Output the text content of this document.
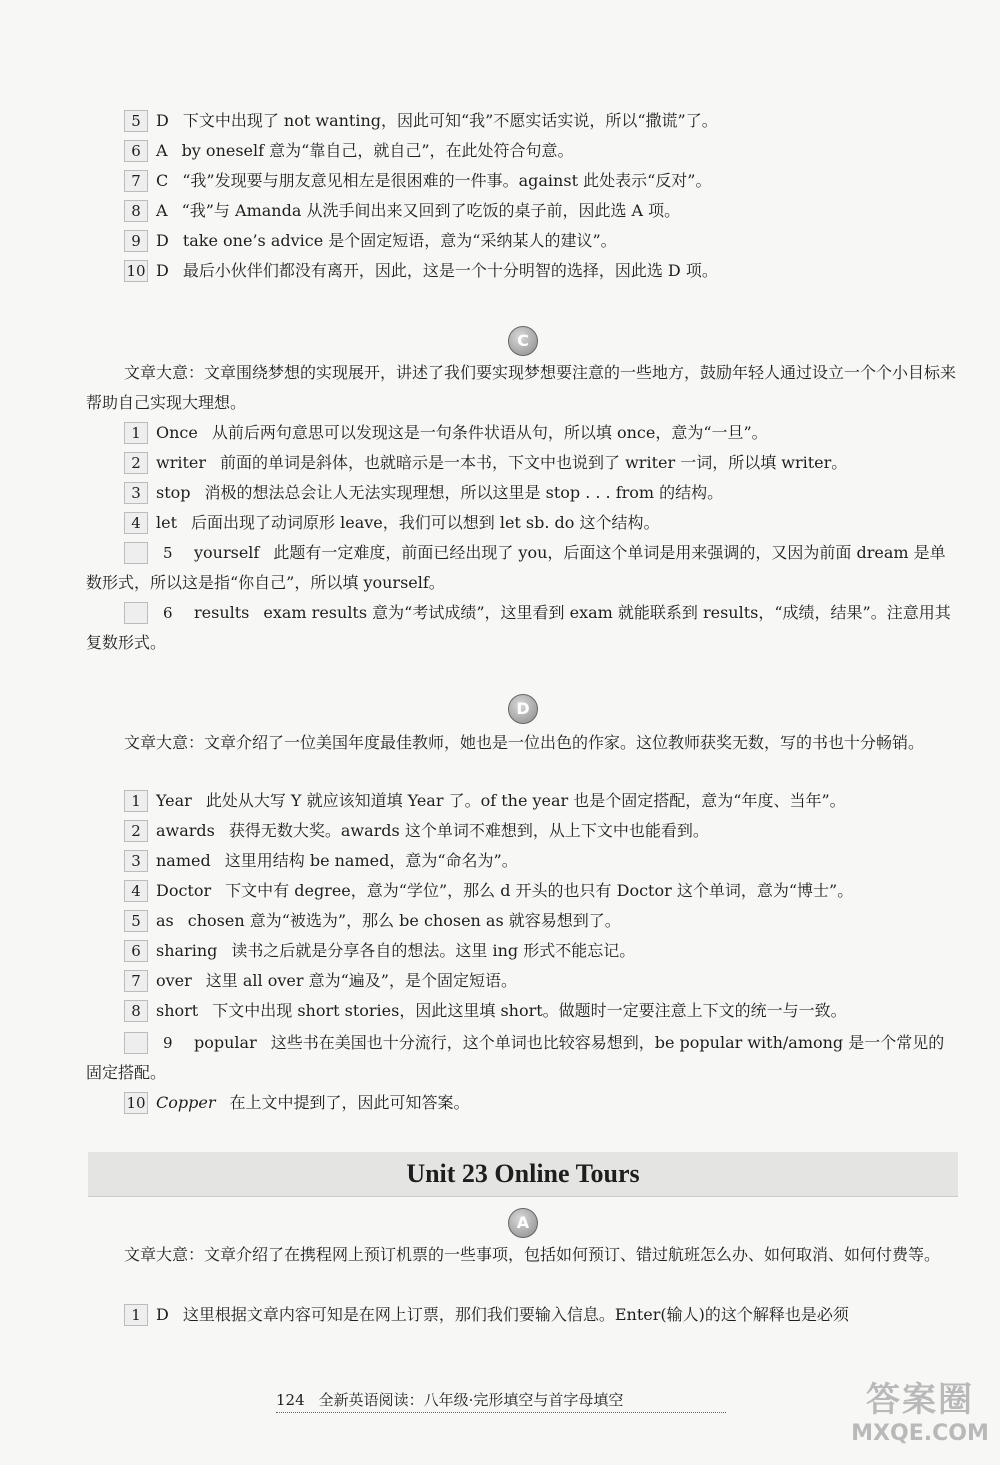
5 D 下文中出现了 not wanting，因此可知“我”不愿实话实说，所以“撒谎”了。
6 A by oneself 意为“靠自己，就自己”，在此处符合句意。
7 C “我”发现要与朋友意见相左是很困难的一件事。against 此处表示“反对”。
8 A “我”与 Amanda 从洗手间出来又回到了吃饭的桌子前，因此选 A 项。
9 D take one’s advice 是个固定短语，意为“采纳某人的建议”。
10 D 最后小伙伴们都没有离开，因此，这是一个十分明智的选择，因此选 D 项。
C
文章大意：文章围绕梦想的实现展开，讲述了我们要实现梦想要注意的一些地方，鼓励年轻人通过设立一个个小目标来帮助自己实现大理想。
1 Once 从前后两句意思可以发现这是一句条件状语从句，所以填 once，意为“一旦”。
2 writer 前面的单词是斜体，也就暗示是一本书，下文中也说到了 writer 一词，所以填 writer。
3 stop 消极的想法总会让人无法实现理想，所以这里是 stop . . . from 的结构。
4 let 后面出现了动词原形 leave，我们可以想到 let sb. do 这个结构。
5 yourself 此题有一定难度，前面已经出现了 you，后面这个单词是用来强调的，又因为前面 dream 是单数形式，所以这是指“你自己”，所以填 yourself。
6 results exam results 意为“考试成绩”，这里看到 exam 就能联系到 results，“成绩，结果”。注意用其复数形式。
D
文章大意：文章介绍了一位美国年度最佳教师，她也是一位出色的作家。这位教师获奖无数，写的书也十分畅销。
1 Year 此处从大写 Y 就应该知道填 Year 了。of the year 也是个固定搭配，意为“年度、当年”。
2 awards 获得无数大奖。awards 这个单词不难想到，从上下文中也能看到。
3 named 这里用结构 be named，意为“命名为”。
4 Doctor 下文中有 degree，意为“学位”，那么 d 开头的也只有 Doctor 这个单词，意为“博士”。
5 as chosen 意为“被选为”，那么 be chosen as 就容易想到了。
6 sharing 读书之后就是分享各自的想法。这里 ing 形式不能忘记。
7 over 这里 all over 意为“遍及”，是个固定短语。
8 short 下文中出现 short stories，因此这里填 short。做题时一定要注意上下文的统一与一致。
9 popular 这些书在美国也十分流行，这个单词也比较容易想到，be popular with/among 是一个常见的固定搭配。
10 Copper 在上文中提到了，因此可知答案。
Unit 23 Online Tours
A
文章大意：文章介绍了在携程网上预订机票的一些事项，包括如何预订、错过航班怎么办、如何取消、如何付费等。
1 D 这里根据文章内容可知是在网上订票，那们我们要输入信息。Enter(输人)的这个解释也是必须
124 全新英语阅读：八年级·完形填空与首字母填空	答案圈
MXQE.COM
